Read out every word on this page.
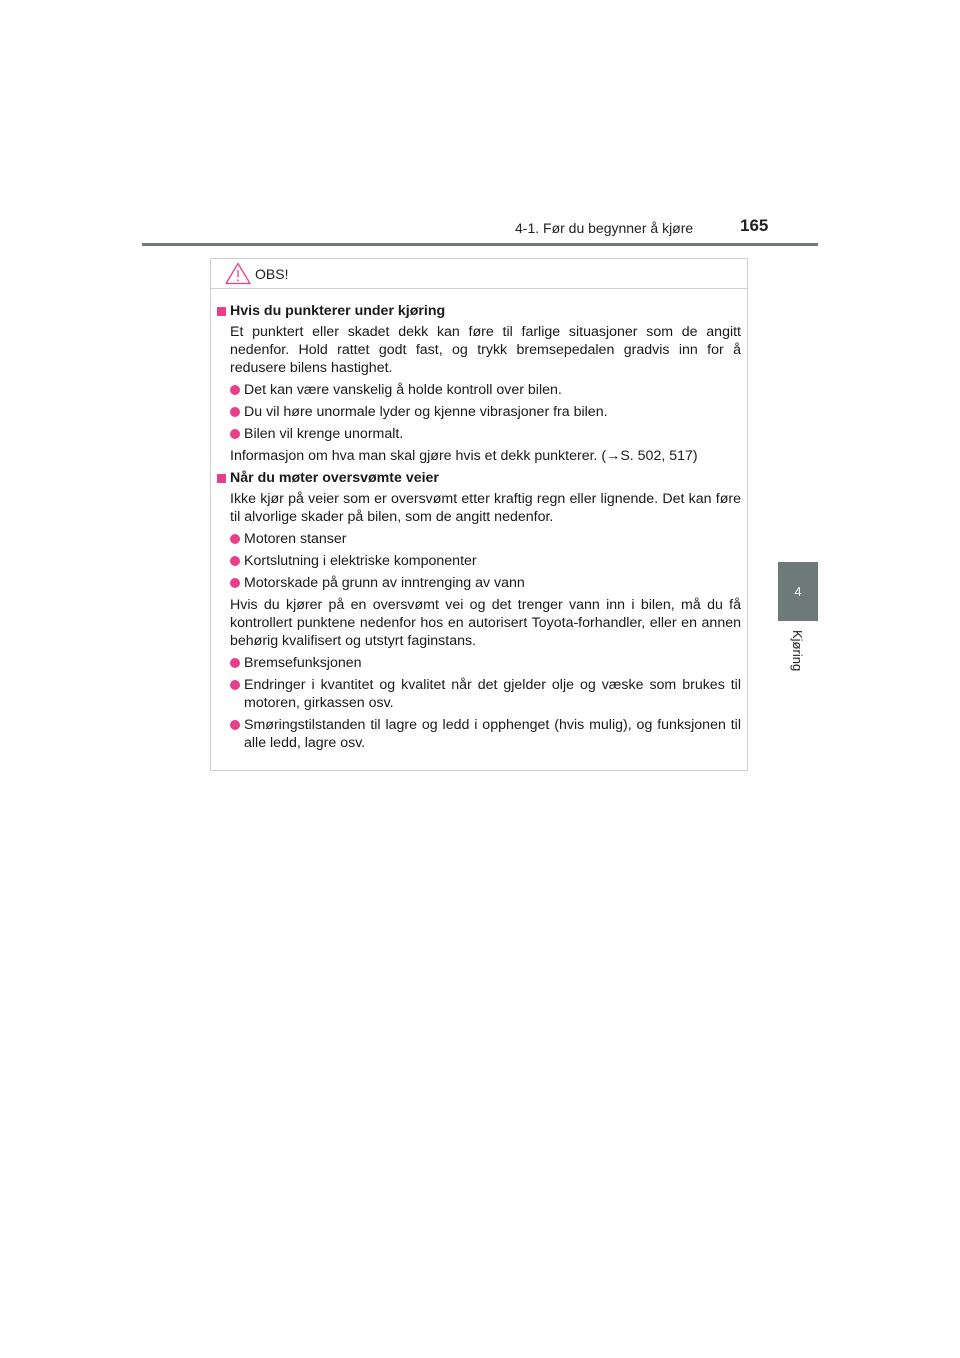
4-1. Før du begynner å kjøre	165
4
Kjøring
OBS!
Hvis du punkterer under kjøring

Et punktert eller skadet dekk kan føre til farlige situasjoner som de angitt nedenfor. Hold rattet godt fast, og trykk bremsepedalen gradvis inn for å redusere bilens hastighet.

Det kan være vanskelig å holde kontroll over bilen.
Du vil høre unormale lyder og kjenne vibrasjoner fra bilen.
Bilen vil krenge unormalt.

Informasjon om hva man skal gjøre hvis et dekk punkterer. (→S. 502, 517)

Når du møter oversvømte veier

Ikke kjør på veier som er oversvømt etter kraftig regn eller lignende. Det kan føre til alvorlige skader på bilen, som de angitt nedenfor.

Motoren stanser
Kortslutning i elektriske komponenter
Motorskade på grunn av inntrenging av vann

Hvis du kjører på en oversvømt vei og det trenger vann inn i bilen, må du få kontrollert punktene nedenfor hos en autorisert Toyota-forhandler, eller en annen behørig kvalifisert og utstyrt faginstans.

Bremsefunksjonen
Endringer i kvantitet og kvalitet når det gjelder olje og væske som brukes til motoren, girkassen osv.
Smøringstilstanden til lagre og ledd i opphenget (hvis mulig), og funksjonen til alle ledd, lagre osv.
